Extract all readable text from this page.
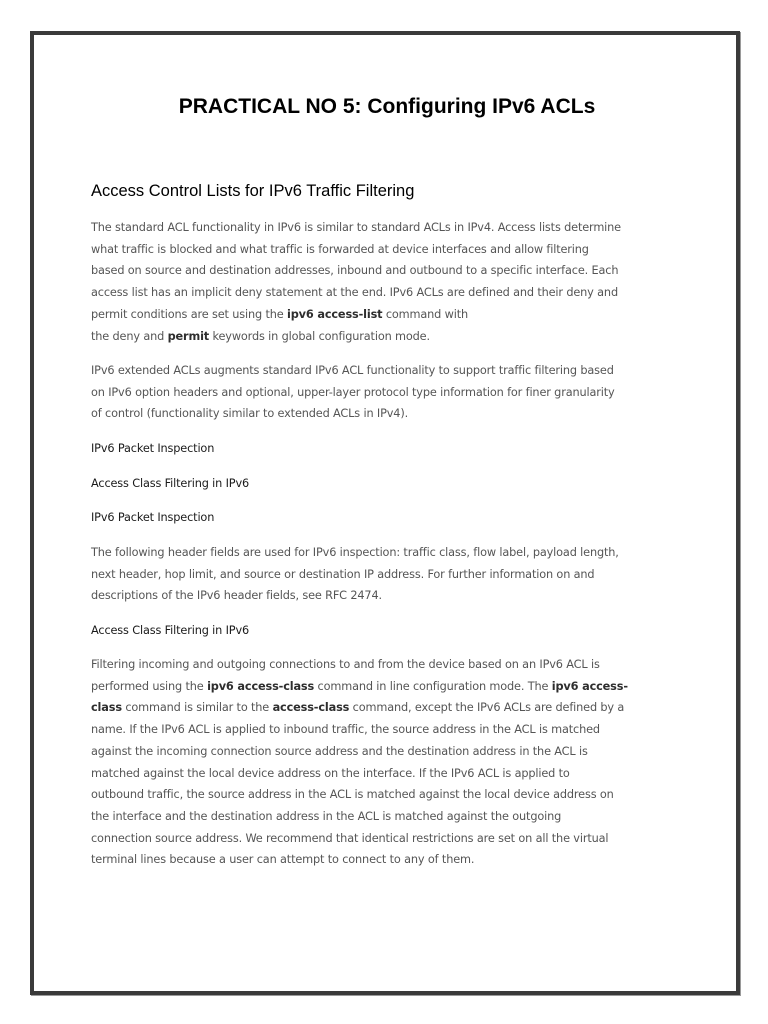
PRACTICAL NO 5: Configuring IPv6 ACLs
Access Control Lists for IPv6 Traffic Filtering

The standard ACL functionality in IPv6 is similar to standard ACLs in IPv4. Access lists determine
what traffic is blocked and what traffic is forwarded at device interfaces and allow filtering
based on source and destination addresses, inbound and outbound to a specific interface. Each
access list has an implicit deny statement at the end. IPv6 ACLs are defined and their deny and
permit conditions are set using the ipv6 access-list command with
the deny and permit keywords in global configuration mode.

IPv6 extended ACLs augments standard IPv6 ACL functionality to support traffic filtering based
on IPv6 option headers and optional, upper-layer protocol type information for finer granularity
of control (functionality similar to extended ACLs in IPv4).

IPv6 Packet Inspection

Access Class Filtering in IPv6

IPv6 Packet Inspection

The following header fields are used for IPv6 inspection: traffic class, flow label, payload length,
next header, hop limit, and source or destination IP address. For further information on and
descriptions of the IPv6 header fields, see RFC 2474.

Access Class Filtering in IPv6

Filtering incoming and outgoing connections to and from the device based on an IPv6 ACL is
performed using the ipv6 access-class command in line configuration mode. The ipv6 access-
class command is similar to the access-class command, except the IPv6 ACLs are defined by a
name. If the IPv6 ACL is applied to inbound traffic, the source address in the ACL is matched
against the incoming connection source address and the destination address in the ACL is
matched against the local device address on the interface. If the IPv6 ACL is applied to
outbound traffic, the source address in the ACL is matched against the local device address on
the interface and the destination address in the ACL is matched against the outgoing
connection source address. We recommend that identical restrictions are set on all the virtual
terminal lines because a user can attempt to connect to any of them.
